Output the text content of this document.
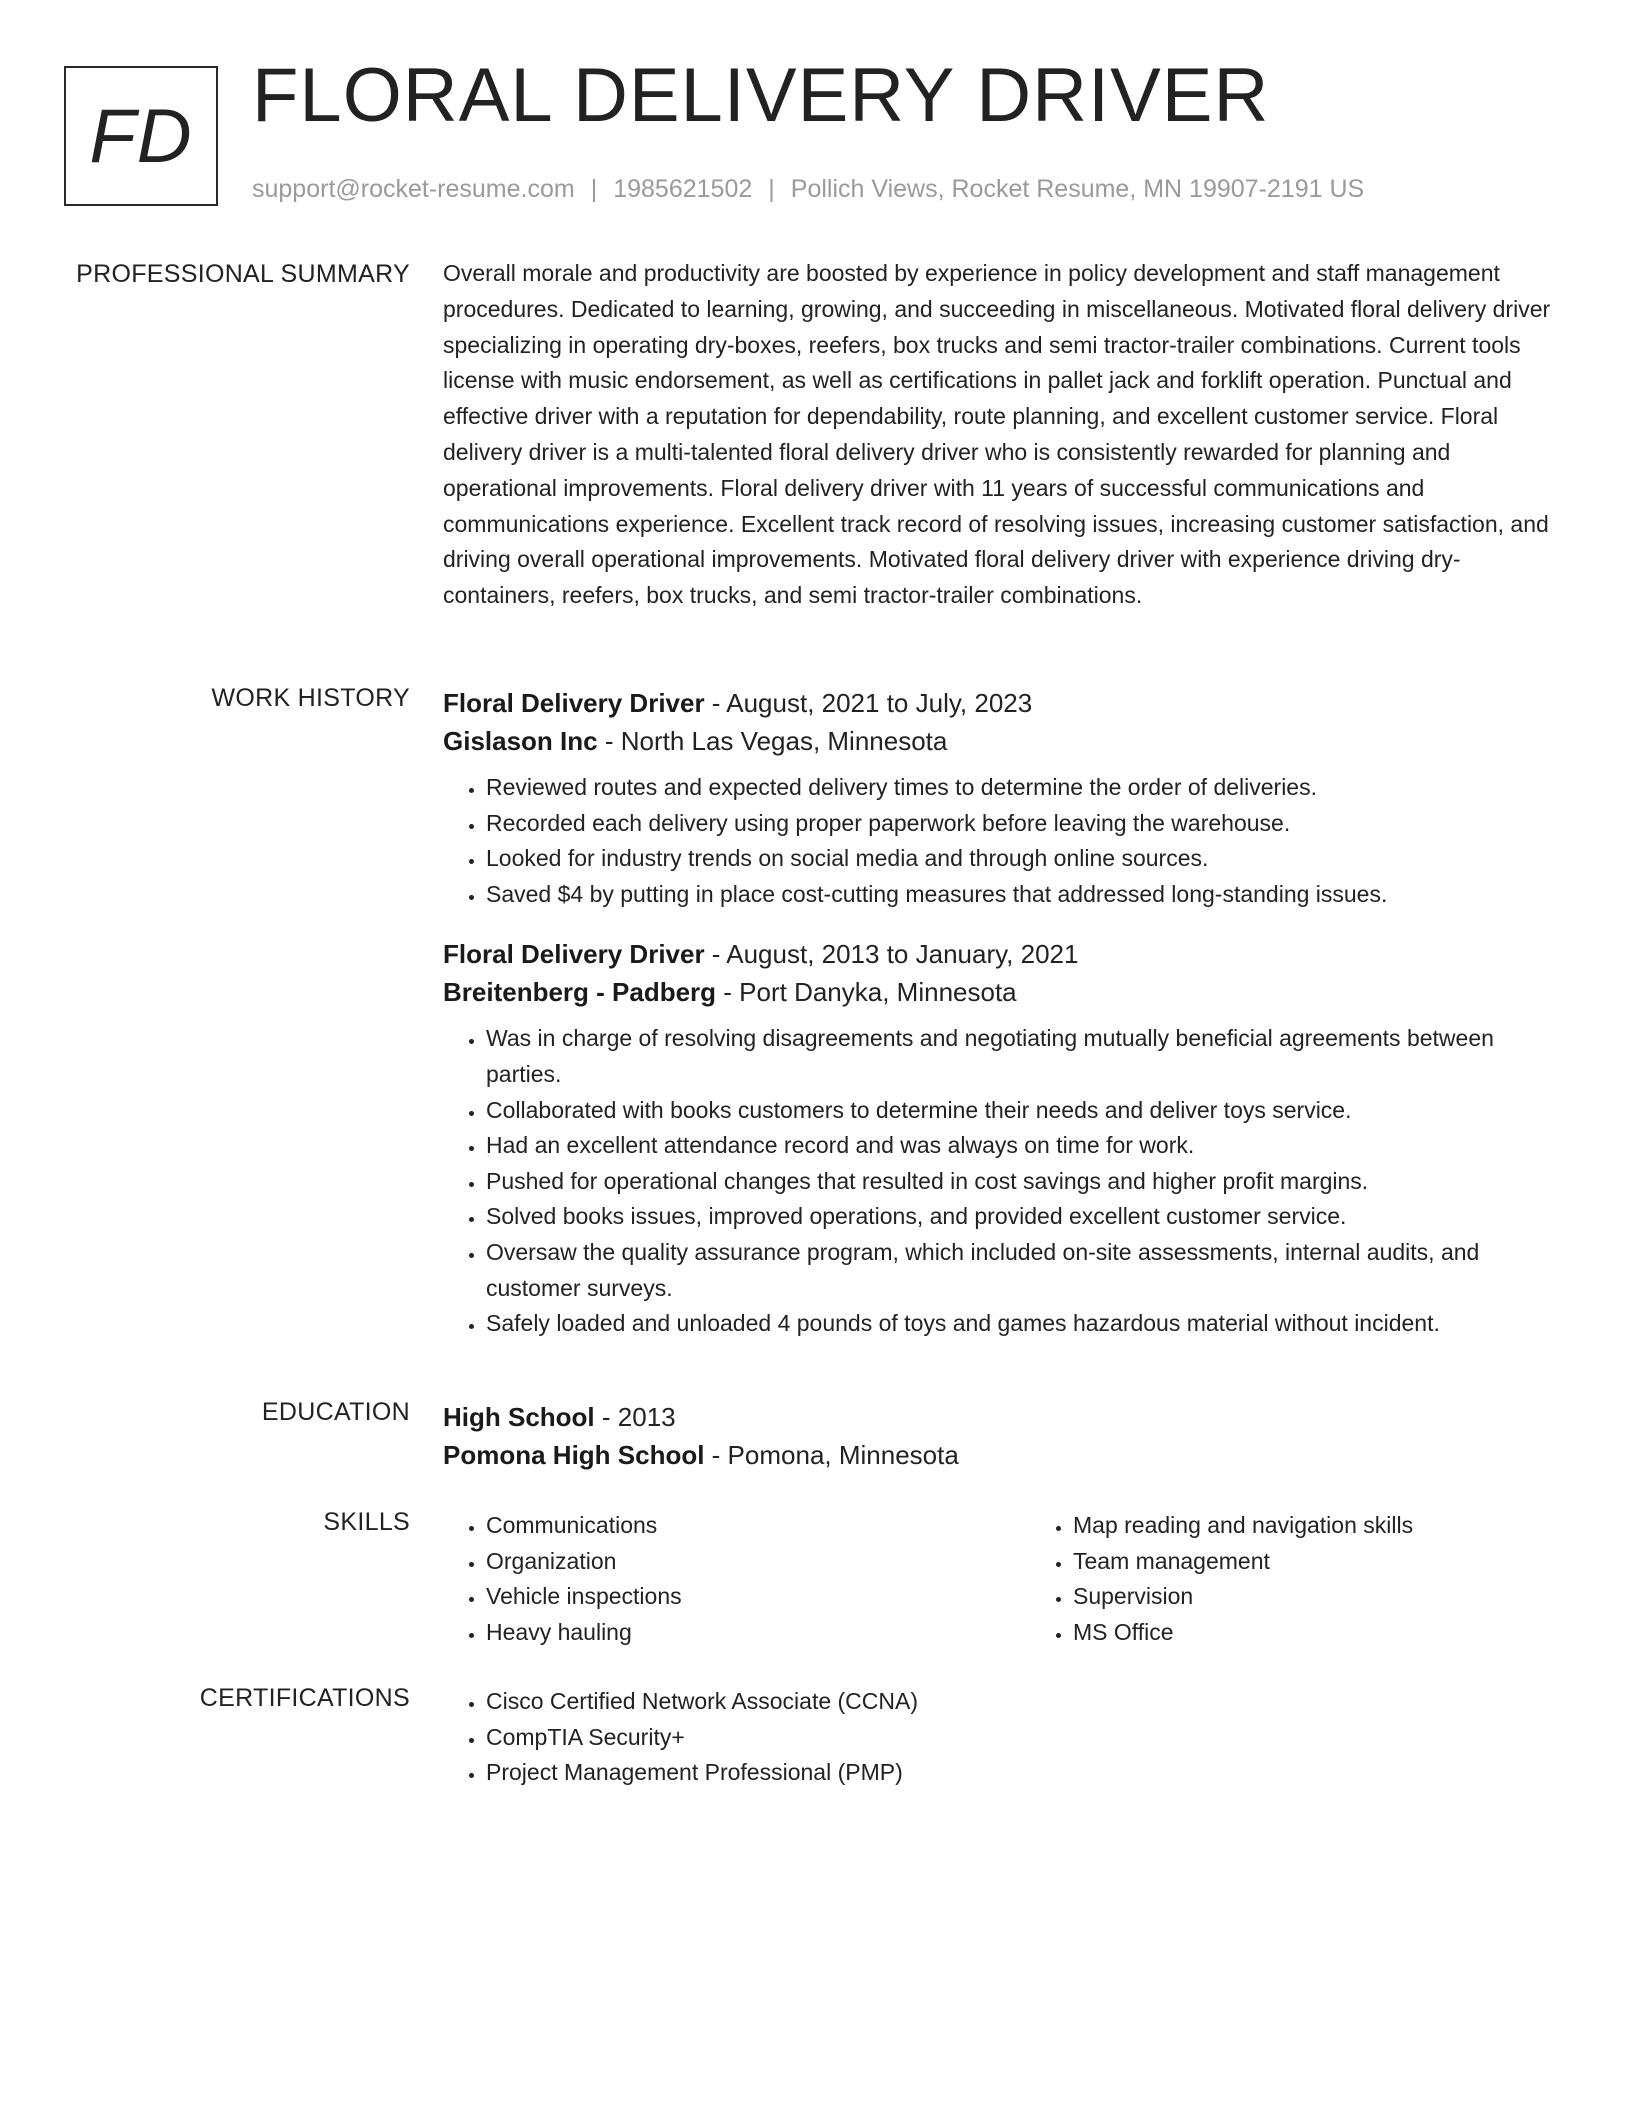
FD FLORAL DELIVERY DRIVER
support@rocket-resume.com | 1985621502 | Pollich Views, Rocket Resume, MN 19907-2191 US
PROFESSIONAL SUMMARY Overall morale and productivity are boosted by experience in policy development and staff management procedures. Dedicated to learning, growing, and succeeding in miscellaneous. Motivated floral delivery driver specializing in operating dry-boxes, reefers, box trucks and semi tractor-trailer combinations. Current tools license with music endorsement, as well as certifications in pallet jack and forklift operation. Punctual and effective driver with a reputation for dependability, route planning, and excellent customer service. Floral delivery driver is a multi-talented floral delivery driver who is consistently rewarded for planning and operational improvements. Floral delivery driver with 11 years of successful communications and communications experience. Excellent track record of resolving issues, increasing customer satisfaction, and driving overall operational improvements. Motivated floral delivery driver with experience driving dry-containers, reefers, box trucks, and semi tractor-trailer combinations.

WORK HISTORY Floral Delivery Driver - August, 2021 to July, 2023

Gislason Inc - North Las Vegas, Minnesota

• Reviewed routes and expected delivery times to determine the order of deliveries.
• Recorded each delivery using proper paperwork before leaving the warehouse.
• Looked for industry trends on social media and through online sources.
• Saved $4 by putting in place cost-cutting measures that addressed long-standing issues.

Floral Delivery Driver - August, 2013 to January, 2021

Breitenberg - Padberg - Port Danyka, Minnesota

• Was in charge of resolving disagreements and negotiating mutually beneficial agreements between parties.
• Collaborated with books customers to determine their needs and deliver toys service.
• Had an excellent attendance record and was always on time for work.
• Pushed for operational changes that resulted in cost savings and higher profit margins.
• Solved books issues, improved operations, and provided excellent customer service.
• Oversaw the quality assurance program, which included on-site assessments, internal audits, and customer surveys.
• Safely loaded and unloaded 4 pounds of toys and games hazardous material without incident.
EDUCATION High School - 2013

Pomona High School - Pomona, Minnesota

SKILLS	• Communications
• Organization
• Vehicle inspections
• Heavy hauling
• Map reading and navigation skills
• Team management
• Supervision
• MS Office
CERTIFICATIONS	• Cisco Certified Network Associate (CCNA)
• CompTIA Security+
• Project Management Professional (PMP)
